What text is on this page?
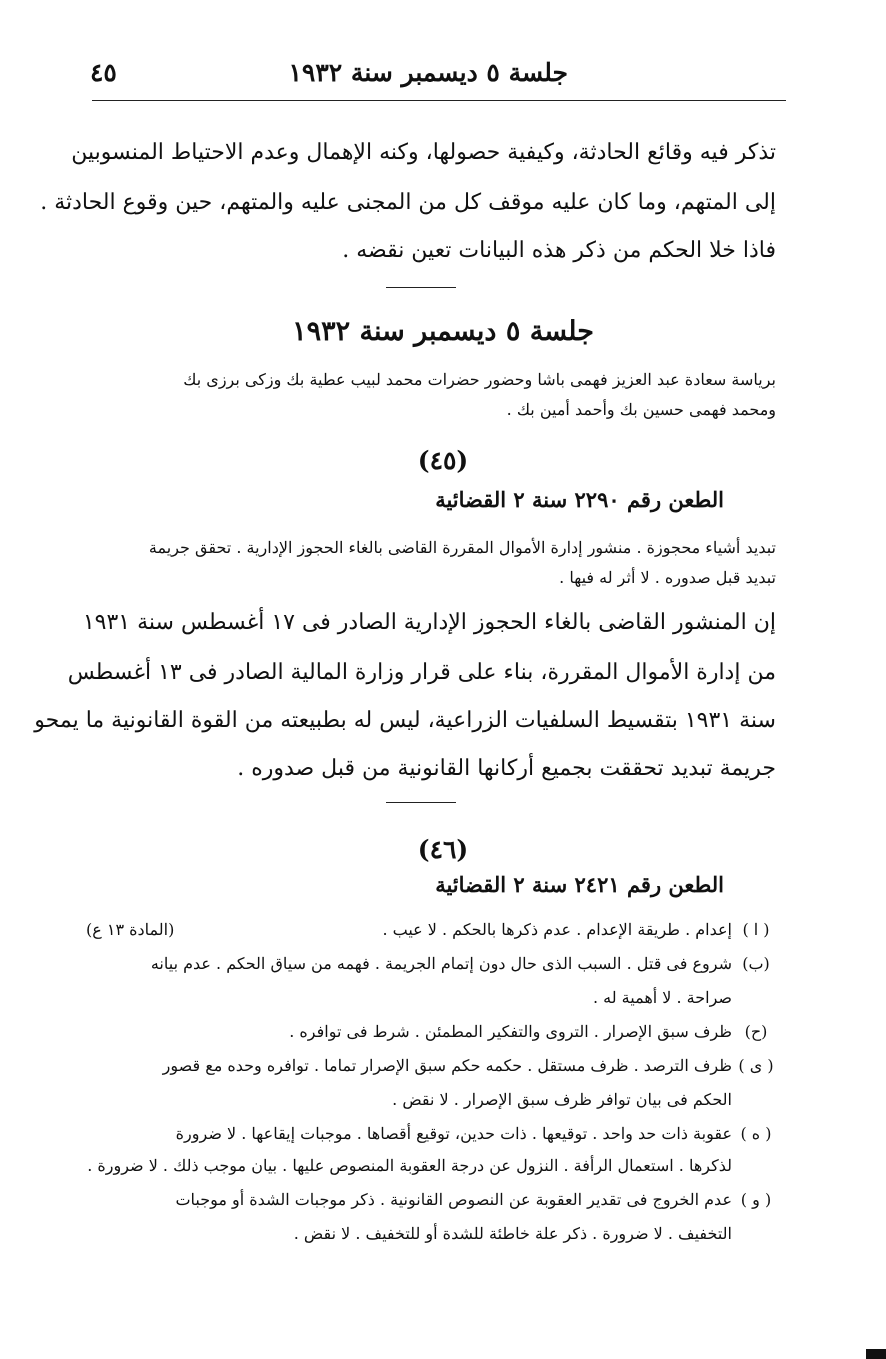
جلسة ٥ ديسمبر سنة ١٩٣٢
٤٥
تذكر فيه وقائع الحادثة، وكيفية حصولها، وكنه الإهمال وعدم الاحتياط المنسوبين
إلى المتهم، وما كان عليه موقف كل من المجنى عليه والمتهم، حين وقوع الحادثة .
فاذا خلا الحكم من ذكر هذه البيانات تعين نقضه .
جلسة ٥ ديسمبر سنة ١٩٣٢
برياسة سعادة عبد العزيز فهمى باشا وحضور حضرات محمد لبيب عطية بك وزكى برزى بك
ومحمد فهمى حسين بك وأحمد أمين بك .
(٤٥)
الطعن رقم ٢٢٩٠ سنة ٢ القضائية
تبديد أشياء محجوزة . منشور إدارة الأموال المقررة القاضى بالغاء الحجوز الإدارية . تحقق جريمة
تبديد قبل صدوره . لا أثر له فيها .
إن المنشور القاضى بالغاء الحجوز الإدارية الصادر فى ١٧ أغسطس سنة ١٩٣١
من إدارة الأموال المقررة، بناء على قرار وزارة المالية الصادر فى ١٣ أغسطس
سنة ١٩٣١ بتقسيط السلفيات الزراعية، ليس له بطبيعته من القوة القانونية ما يمحو
جريمة تبديد تحققت بجميع أركانها القانونية من قبل صدوره .
(٤٦)
الطعن رقم ٢٤٢١ سنة ٢ القضائية
( ا )
إعدام . طريقة الإعدام . عدم ذكرها بالحكم . لا عيب .
(المادة ١٣ ع)
(ب)
شروع فى قتل . السبب الذى حال دون إتمام الجريمة . فهمه من سياق الحكم . عدم بيانه
صراحة . لا أهمية له .
(ح)
ظرف سبق الإصرار . التروى والتفكير المطمئن . شرط فى توافره .
( ى )
ظرف الترصد . ظرف مستقل . حكمه حكم سبق الإصرار تماما . توافره وحده مع قصور
الحكم فى بيان توافر ظرف سبق الإصرار . لا نقض .
( ه )
عقوبة ذات حد واحد . توقيعها . ذات حدين، توقيع أقصاها . موجبات إيقاعها . لا ضرورة
لذكرها . استعمال الرأفة . النزول عن درجة العقوبة المنصوص عليها . بيان موجب ذلك . لا ضرورة .
( و )
عدم الخروج فى تقدير العقوبة عن النصوص القانونية . ذكر موجبات الشدة أو موجبات
التخفيف . لا ضرورة . ذكر علة خاطئة للشدة أو للتخفيف . لا نقض .
